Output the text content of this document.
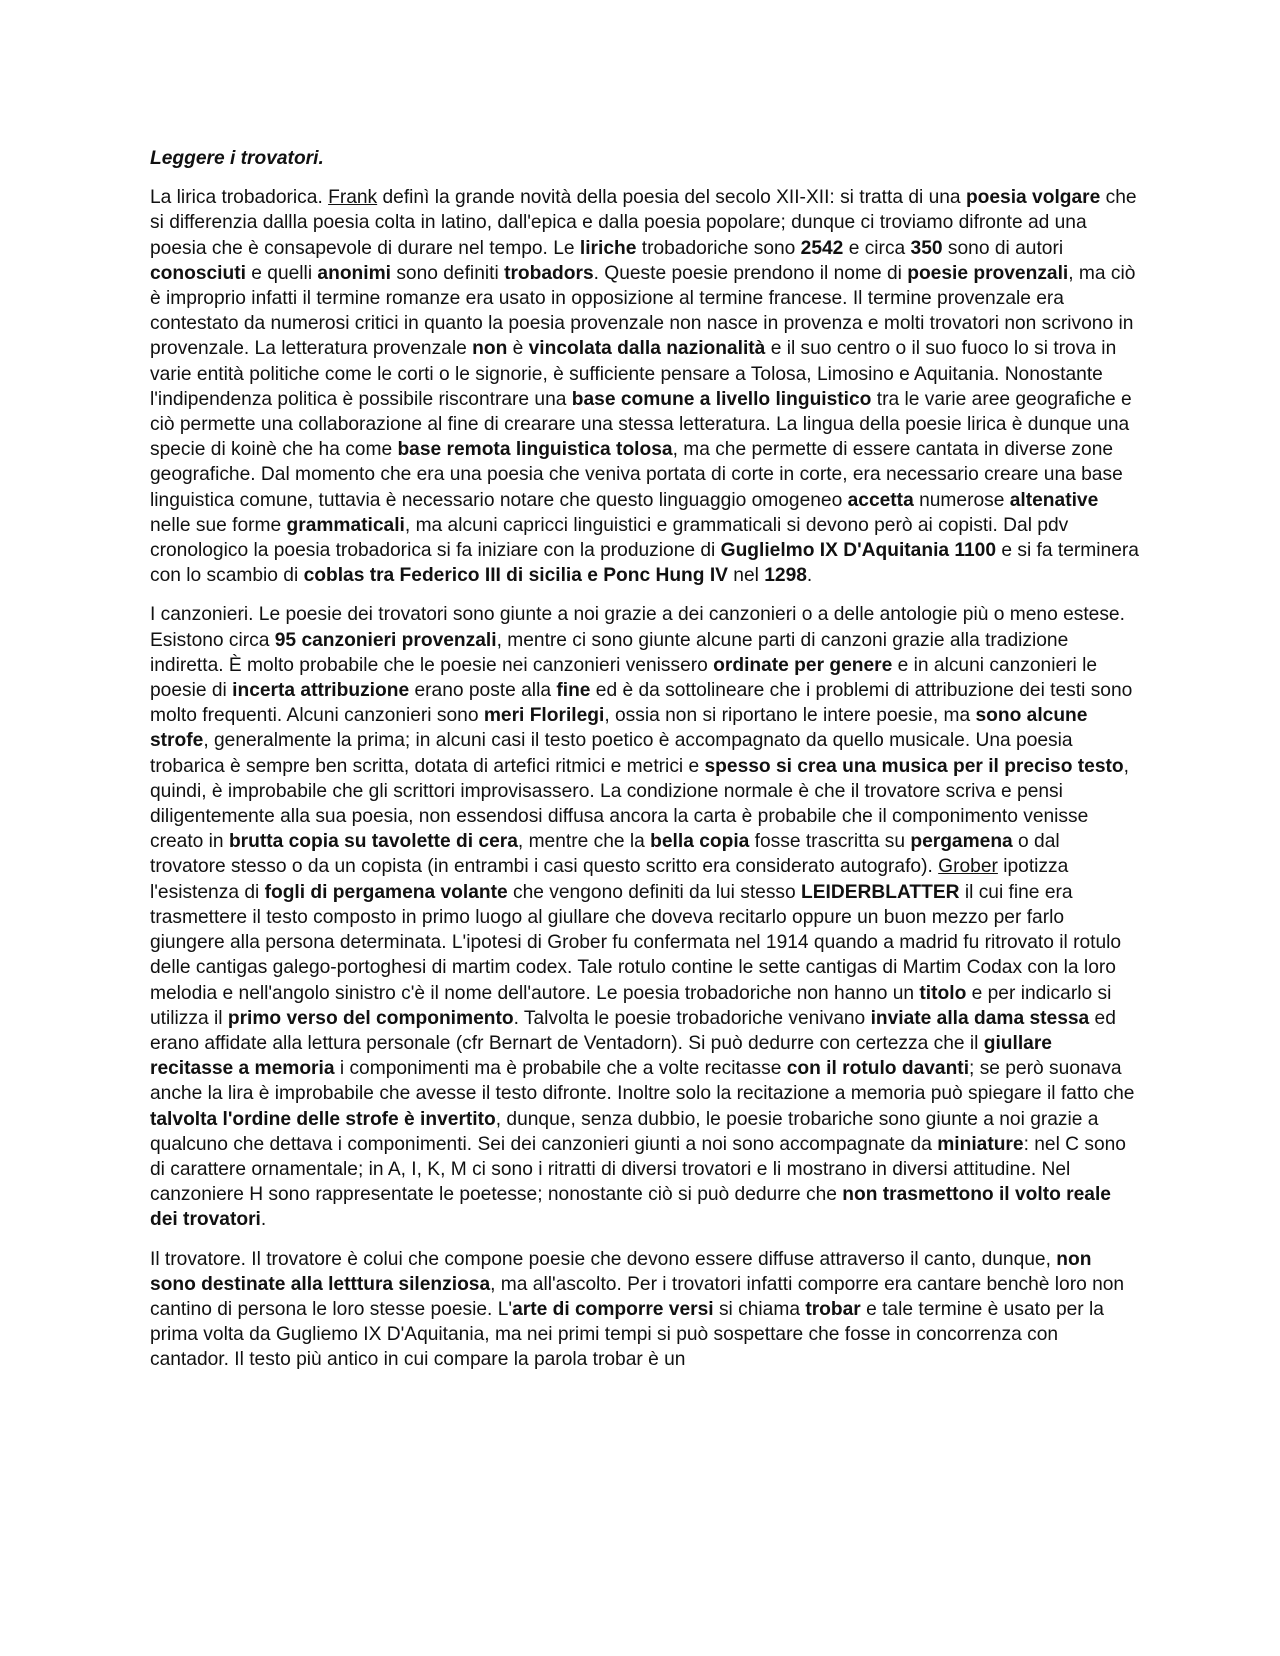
Leggere i trovatori.

La lirica trobadorica. Frank definì la grande novità della poesia del secolo XII-XII: si tratta di una poesia volgare che si differenzia dallla poesia colta in latino, dall'epica e dalla poesia popolare; dunque ci troviamo difronte ad una poesia che è consapevole di durare nel tempo. Le liriche trobadoriche sono 2542 e circa 350 sono di autori conosciuti e quelli anonimi sono definiti trobadors. Queste poesie prendono il nome di poesie provenzali, ma ciò è improprio infatti il termine romanze era usato in opposizione al termine francese. Il termine provenzale era contestato da numerosi critici in quanto la poesia provenzale non nasce in provenza e molti trovatori non scrivono in provenzale. La letteratura provenzale non è vincolata dalla nazionalità e il suo centro o il suo fuoco lo si trova in varie entità politiche come le corti o le signorie, è sufficiente pensare a Tolosa, Limosino e Aquitania. Nonostante l'indipendenza politica è possibile riscontrare una base comune a livello linguistico tra le varie aree geografiche e ciò permette una collaborazione al fine di crearare una stessa letteratura. La lingua della poesie lirica è dunque una specie di koinè che ha come base remota linguistica tolosa, ma che permette di essere cantata in diverse zone geografiche. Dal momento che era una poesia che veniva portata di corte in corte, era necessario creare una base linguistica comune, tuttavia è necessario notare che questo linguaggio omogeneo accetta numerose altenative nelle sue forme grammaticali, ma alcuni capricci linguistici e grammaticali si devono però ai copisti. Dal pdv cronologico la poesia trobadorica si fa iniziare con la produzione di Guglielmo IX D'Aquitania 1100 e si fa terminera con lo scambio di coblas tra Federico III di sicilia e Ponc Hung IV nel 1298.

I canzonieri. Le poesie dei trovatori sono giunte a noi grazie a dei canzonieri o a delle antologie più o meno estese. Esistono circa 95 canzonieri provenzali, mentre ci sono giunte alcune parti di canzoni grazie alla tradizione indiretta. È molto probabile che le poesie nei canzonieri venissero ordinate per genere e in alcuni canzonieri le poesie di incerta attribuzione erano poste alla fine ed è da sottolineare che i problemi di attribuzione dei testi sono molto frequenti. Alcuni canzonieri sono meri Florilegi, ossia non si riportano le intere poesie, ma sono alcune strofe, generalmente la prima; in alcuni casi il testo poetico è accompagnato da quello musicale. Una poesia trobarica è sempre ben scritta, dotata di artefici ritmici e metrici e spesso si crea una musica per il preciso testo, quindi, è improbabile che gli scrittori improvisassero. La condizione normale è che il trovatore scriva e pensi diligentemente alla sua poesia, non essendosi diffusa ancora la carta è probabile che il componimento venisse creato in brutta copia su tavolette di cera, mentre che la bella copia fosse trascritta su pergamena o dal trovatore stesso o da un copista (in entrambi i casi questo scritto era considerato autografo). Grober ipotizza l'esistenza di fogli di pergamena volante che vengono definiti da lui stesso LEIDERBLATTER il cui fine era trasmettere il testo composto in primo luogo al giullare che doveva recitarlo oppure un buon mezzo per farlo giungere alla persona determinata. L'ipotesi di Grober fu confermata nel 1914 quando a madrid fu ritrovato il rotulo delle cantigas galego-portoghesi di martim codex. Tale rotulo contine le sette cantigas di Martim Codax con la loro melodia e nell'angolo sinistro c'è il nome dell'autore. Le poesia trobadoriche non hanno un titolo e per indicarlo si utilizza il primo verso del componimento. Talvolta le poesie trobadoriche venivano inviate alla dama stessa ed erano affidate alla lettura personale (cfr Bernart de Ventadorn). Si può dedurre con certezza che il giullare recitasse a memoria i componimenti ma è probabile che a volte recitasse con il rotulo davanti; se però suonava anche la lira è improbabile che avesse il testo difronte. Inoltre solo la recitazione a memoria può spiegare il fatto che talvolta l'ordine delle strofe è invertito, dunque, senza dubbio, le poesie trobariche sono giunte a noi grazie a qualcuno che dettava i componimenti. Sei dei canzonieri giunti a noi sono accompagnate da miniature: nel C sono di carattere ornamentale; in A, I, K, M ci sono i ritratti di diversi trovatori e li mostrano in diversi attitudine. Nel canzoniere H sono rappresentate le poetesse; nonostante ciò si può dedurre che non trasmettono il volto reale dei trovatori.

Il trovatore. Il trovatore è colui che compone poesie che devono essere diffuse attraverso il canto, dunque, non sono destinate alla letttura silenziosa, ma all'ascolto. Per i trovatori infatti comporre era cantare benchè loro non cantino di persona le loro stesse poesie. L'arte di comporre versi si chiama trobar e tale termine è usato per la prima volta da Gugliemo IX D'Aquitania, ma nei primi tempi si può sospettare che fosse in concorrenza con cantador. Il testo più antico in cui compare la parola trobar è un
